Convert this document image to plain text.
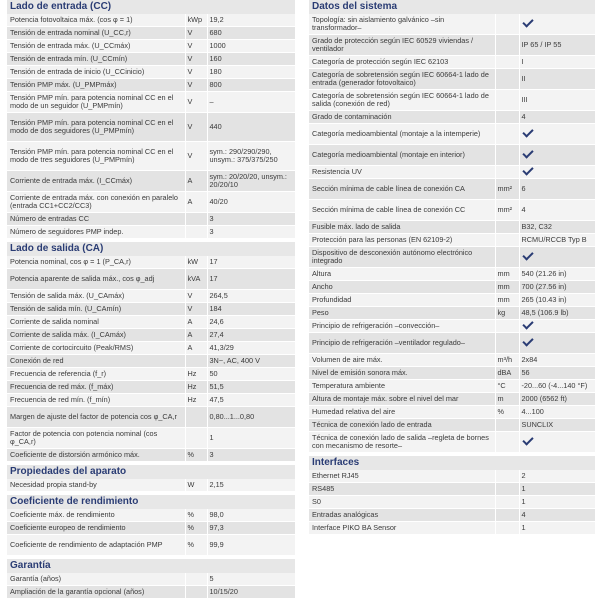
Lado de entrada (CC)
Potencia fotovoltaica máx. (cos φ = 1)	kWp	19,2
Tensión de entrada nominal (U_CC,r)	V	680
Tensión de entrada máx. (U_CCmáx)	V	1000
Tensión de entrada mín. (U_CCmín)	V	160
Tensión de entrada de inicio (U_CCinicio)	V	180
Tensión PMP máx. (U_PMPmáx)	V	800
Tensión PMP mín. para potencia nominal CC en el modo de un seguidor (U_PMPmín)	V	–
Tensión PMP mín. para potencia nominal CC en el modo de dos seguidores (U_PMPmín)	V	440
Tensión PMP mín. para potencia nominal CC en el modo de tres seguidores (U_PMPmín)	V	sym.: 290/290/290, unsym.: 375/375/250
Corriente de entrada máx. (I_CCmáx)	A	sym.: 20/20/20, unsym.: 20/20/10
Corriente de entrada máx. con conexión en paralelo (entrada CC1+CC2/CC3)	A	40/20
Número de entradas CC		3
Número de seguidores PMP indep.		3
Lado de salida (CA)
Potencia nominal, cos φ = 1 (P_CA,r)	kW	17
Potencia aparente de salida máx., cos φ_adj	kVA	17
Tensión de salida máx. (U_CAmáx)	V	264,5
Tensión de salida mín. (U_CAmín)	V	184
Corriente de salida nominal	A	24,6
Corriente de salida máx. (I_CAmáx)	A	27,4
Corriente de cortocircuito (Peak/RMS)	A	41,3/29
Conexión de red		3N~, AC, 400 V
Frecuencia de referencia (f_r)	Hz	50
Frecuencia de red máx. (f_máx)	Hz	51,5
Frecuencia de red mín. (f_mín)	Hz	47,5
Margen de ajuste del factor de potencia cos φ_CA,r		0,80...1...0,80
Factor de potencia con potencia nominal (cos φ_CA,r)		1
Coeficiente de distorsión armónico máx.	%	3
Propiedades del aparato
Necesidad propia stand-by	W	2,15
Coeficiente de rendimiento
Coeficiente máx. de rendimiento	%	98,0
Coeficiente europeo de rendimiento	%	97,3
Coeficiente de rendimiento de adaptación PMP	%	99,9
Garantía
Garantía (años)		5
Ampliación de la garantía opcional (años)		10/15/20
Datos del sistema
Topología: sin aislamiento galvánico –sin transformador–		
Grado de protección según IEC 60529 viviendas / ventilador		IP 65 / IP 55
Categoría de protección según IEC 62103		I
Categoría de sobretensión según IEC 60664-1 lado de entrada (generador fotovoltaico)		II
Categoría de sobretensión según IEC 60664-1 lado de salida (conexión de red)		III
Grado de contaminación		4
Categoría medioambiental (montaje a la intemperie)		
Categoría medioambiental (montaje en interior)		
Resistencia UV		
Sección mínima de cable línea de conexión CA	mm²	6
Sección mínima de cable línea de conexión CC	mm²	4
Fusible máx. lado de salida		B32, C32
Protección para las personas (EN 62109-2)		RCMU/RCCB Typ B
Dispositivo de desconexión autónomo electrónico integrado		
Altura	mm	540 (21.26 in)
Ancho	mm	700 (27.56 in)
Profundidad	mm	265 (10.43 in)
Peso	kg	48,5 (106.9 lb)
Principio de refrigeración –convección–		
Principio de refrigeración –ventilador regulado–		
Volumen de aire máx.	m³/h	2x84
Nivel de emisión sonora máx.	dBA	56
Temperatura ambiente	°C	-20...60 (-4...140 °F)
Altura de montaje máx. sobre el nivel del mar	m	2000 (6562 ft)
Humedad relativa del aire	%	4...100
Técnica de conexión lado de entrada		SUNCLIX
Técnica de conexión lado de salida –regleta de bornes con mecanismo de resorte–		
Interfaces
Ethernet RJ45		2
RS485		1
S0		1
Entradas analógicas		4
Interface PIKO BA Sensor		1
